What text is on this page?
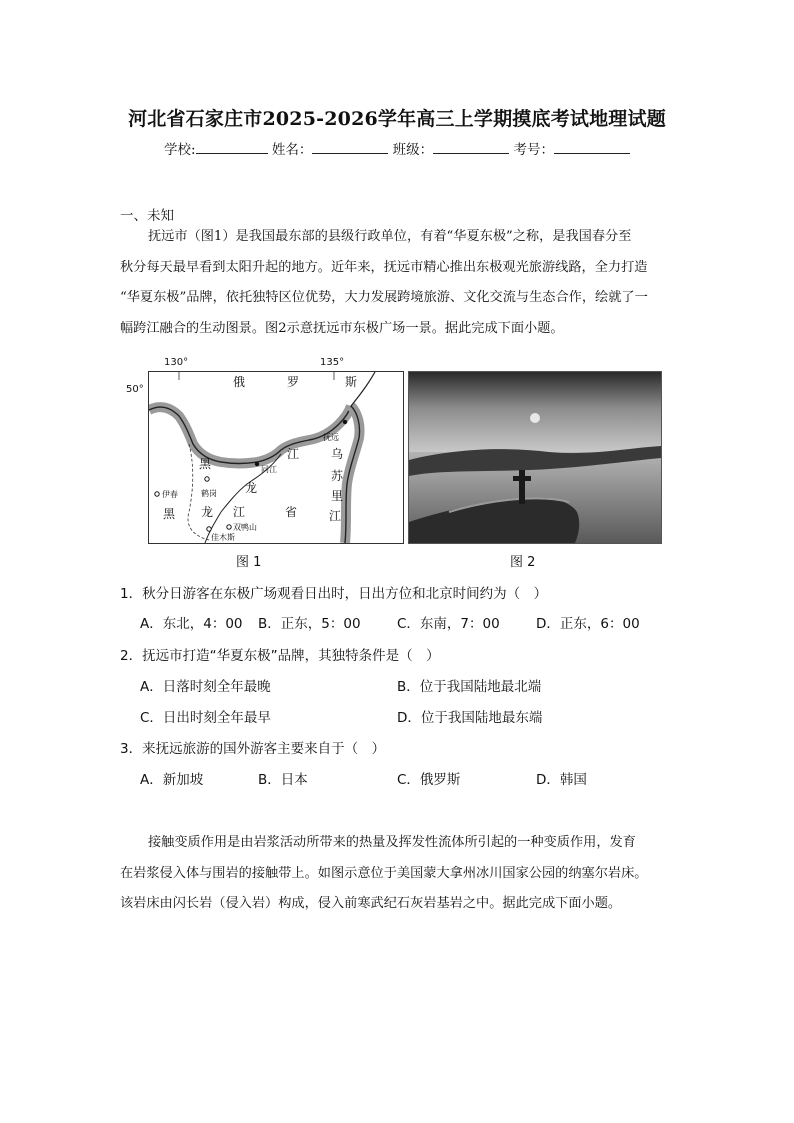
河北省石家庄市2025-2026学年高三上学期摸底考试地理试题
学校:	姓名：	班级：	考号：
一、未知
抚远市（图1）是我国最东部的县级行政单位，有着“华夏东极”之称，是我国春分至
秋分每天最早看到太阳升起的地方。近年来，抚远市精心推出东极观光旅游线路，全力打造
“华夏东极”品牌，依托独特区位优势，大力发展跨境旅游、文化交流与生态合作，绘就了一
幅跨江融合的生动图景。图2示意抚远市东极广场一景。据此完成下面小题。
130°	135°
50°
俄	罗	斯
黑
龙
江
黑 龙 江	省
乌
苏
里
江
抚远
同江
鹤岗
伊春
佳木斯
双鸭山
图 1	图 2
1．秋分日游客在东极广场观看日出时，日出方位和北京时间约为（　）
A．东北，4：00 B．正东，5：00	C．东南，7：00	D．正东，6：00
2．抚远市打造“华夏东极”品牌，其独特条件是（　）
A．日落时刻全年最晚	B．位于我国陆地最北端
C．日出时刻全年最早	D．位于我国陆地最东端
3．来抚远旅游的国外游客主要来自于（　）
A．新加坡	B．日本	C．俄罗斯	D．韩国
接触变质作用是由岩浆活动所带来的热量及挥发性流体所引起的一种变质作用，发育
在岩浆侵入体与围岩的接触带上。如图示意位于美国蒙大拿州冰川国家公园的纳塞尔岩床。
该岩床由闪长岩（侵入岩）构成，侵入前寒武纪石灰岩基岩之中。据此完成下面小题。
